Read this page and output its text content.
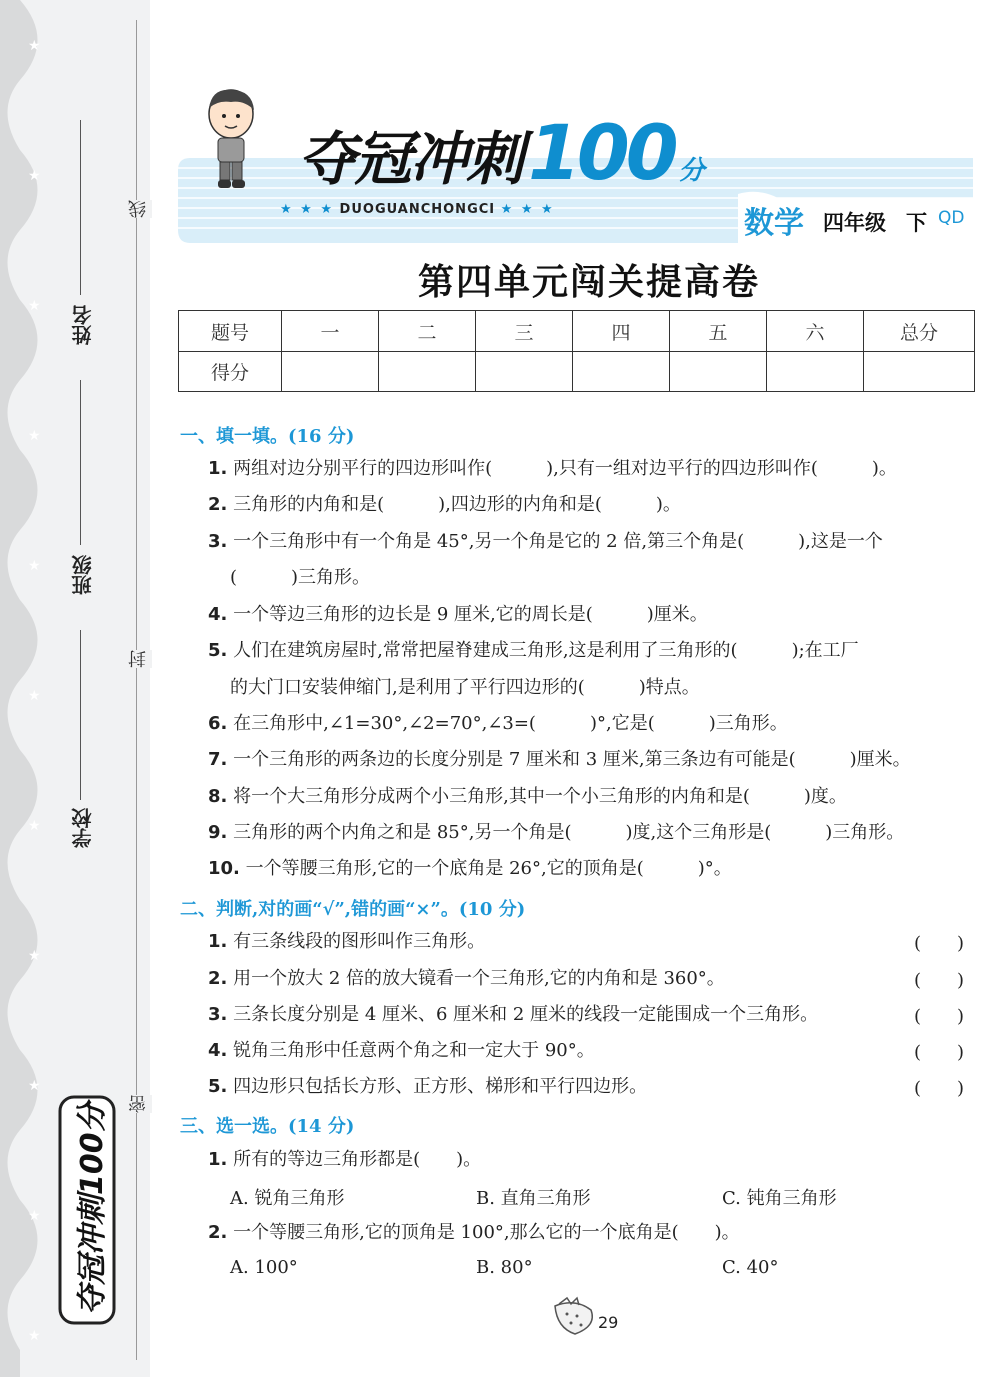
★
★
★
★
★
★
★
★
★
★
★
姓名
班级
学校
线
封
密
夺冠冲刺100分
夺冠冲刺100 分
★ ★ ★ DUOGUANCHONGCI ★ ★ ★	数学 四年级 下 QD
第四单元闯关提高卷
题号	一	二	三	四	五	六	总分
得分							
一、填一填。(16 分)
1. 两组对边分别平行的四边形叫作(　　　),只有一组对边平行的四边形叫作(　　　)。
2. 三角形的内角和是(　　　),四边形的内角和是(　　　)。
3. 一个三角形中有一个角是 45°,另一个角是它的 2 倍,第三个角是(　　　),这是一个
(　　　)三角形。
4. 一个等边三角形的边长是 9 厘米,它的周长是(　　　)厘米。
5. 人们在建筑房屋时,常常把屋脊建成三角形,这是利用了三角形的(　　　);在工厂
的大门口安装伸缩门,是利用了平行四边形的(　　　)特点。
6. 在三角形中,∠1=30°,∠2=70°,∠3=(　　　)°,它是(　　　)三角形。
7. 一个三角形的两条边的长度分别是 7 厘米和 3 厘米,第三条边有可能是(　　　)厘米。
8. 将一个大三角形分成两个小三角形,其中一个小三角形的内角和是(　　　)度。
9. 三角形的两个内角之和是 85°,另一个角是(　　　)度,这个三角形是(　　　)三角形。
10. 一个等腰三角形,它的一个底角是 26°,它的顶角是(　　　)°。
二、判断,对的画“√”,错的画“×”。(10 分)
1. 有三条线段的图形叫作三角形。	(　　)
2. 用一个放大 2 倍的放大镜看一个三角形,它的内角和是 360°。	(　　)
3. 三条长度分别是 4 厘米、6 厘米和 2 厘米的线段一定能围成一个三角形。	(　　)
4. 锐角三角形中任意两个角之和一定大于 90°。	(　　)
5. 四边形只包括长方形、正方形、梯形和平行四边形。	(　　)
三、选一选。(14 分)
1. 所有的等边三角形都是(　　)。
A. 锐角三角形	B. 直角三角形	C. 钝角三角形
2. 一个等腰三角形,它的顶角是 100°,那么它的一个底角是(　　)。
A. 100°	B. 80°	C. 40°
29
